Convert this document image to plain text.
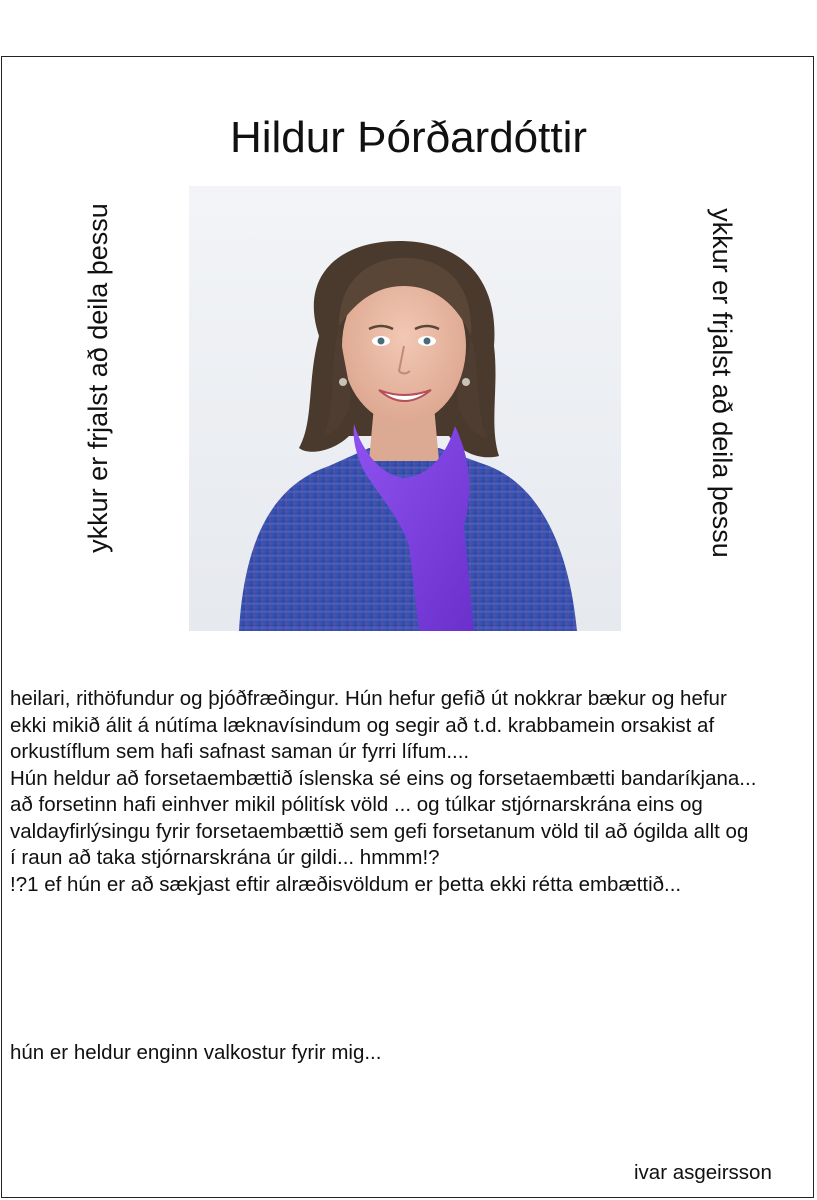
Hildur Þórðardóttir
ykkur er frjalst að deila þessu	ykkur er frjalst að deila þessu

heilari, rithöfundur og þjóðfræðingur. Hún hefur gefið út nokkrar bækur og hefur

ekki mikið álit á nútíma læknavísindum og segir að t.d. krabbamein orsakist af

orkustíflum sem hafi safnast saman úr fyrri lífum....

Hún heldur að forsetaembættið íslenska sé eins og forsetaembætti bandaríkjana...

að forsetinn hafi einhver mikil pólitísk völd ... og túlkar stjórnarskrána eins og

valdayfirlýsingu fyrir forsetaembættið sem gefi forsetanum völd til að ógilda allt og

í raun að taka stjórnarskrána úr gildi... hmmm!?

!?1 ef hún er að sækjast eftir alræðisvöldum er þetta ekki rétta embættið...

hún er heldur enginn valkostur fyrir mig...
ivar asgeirsson
